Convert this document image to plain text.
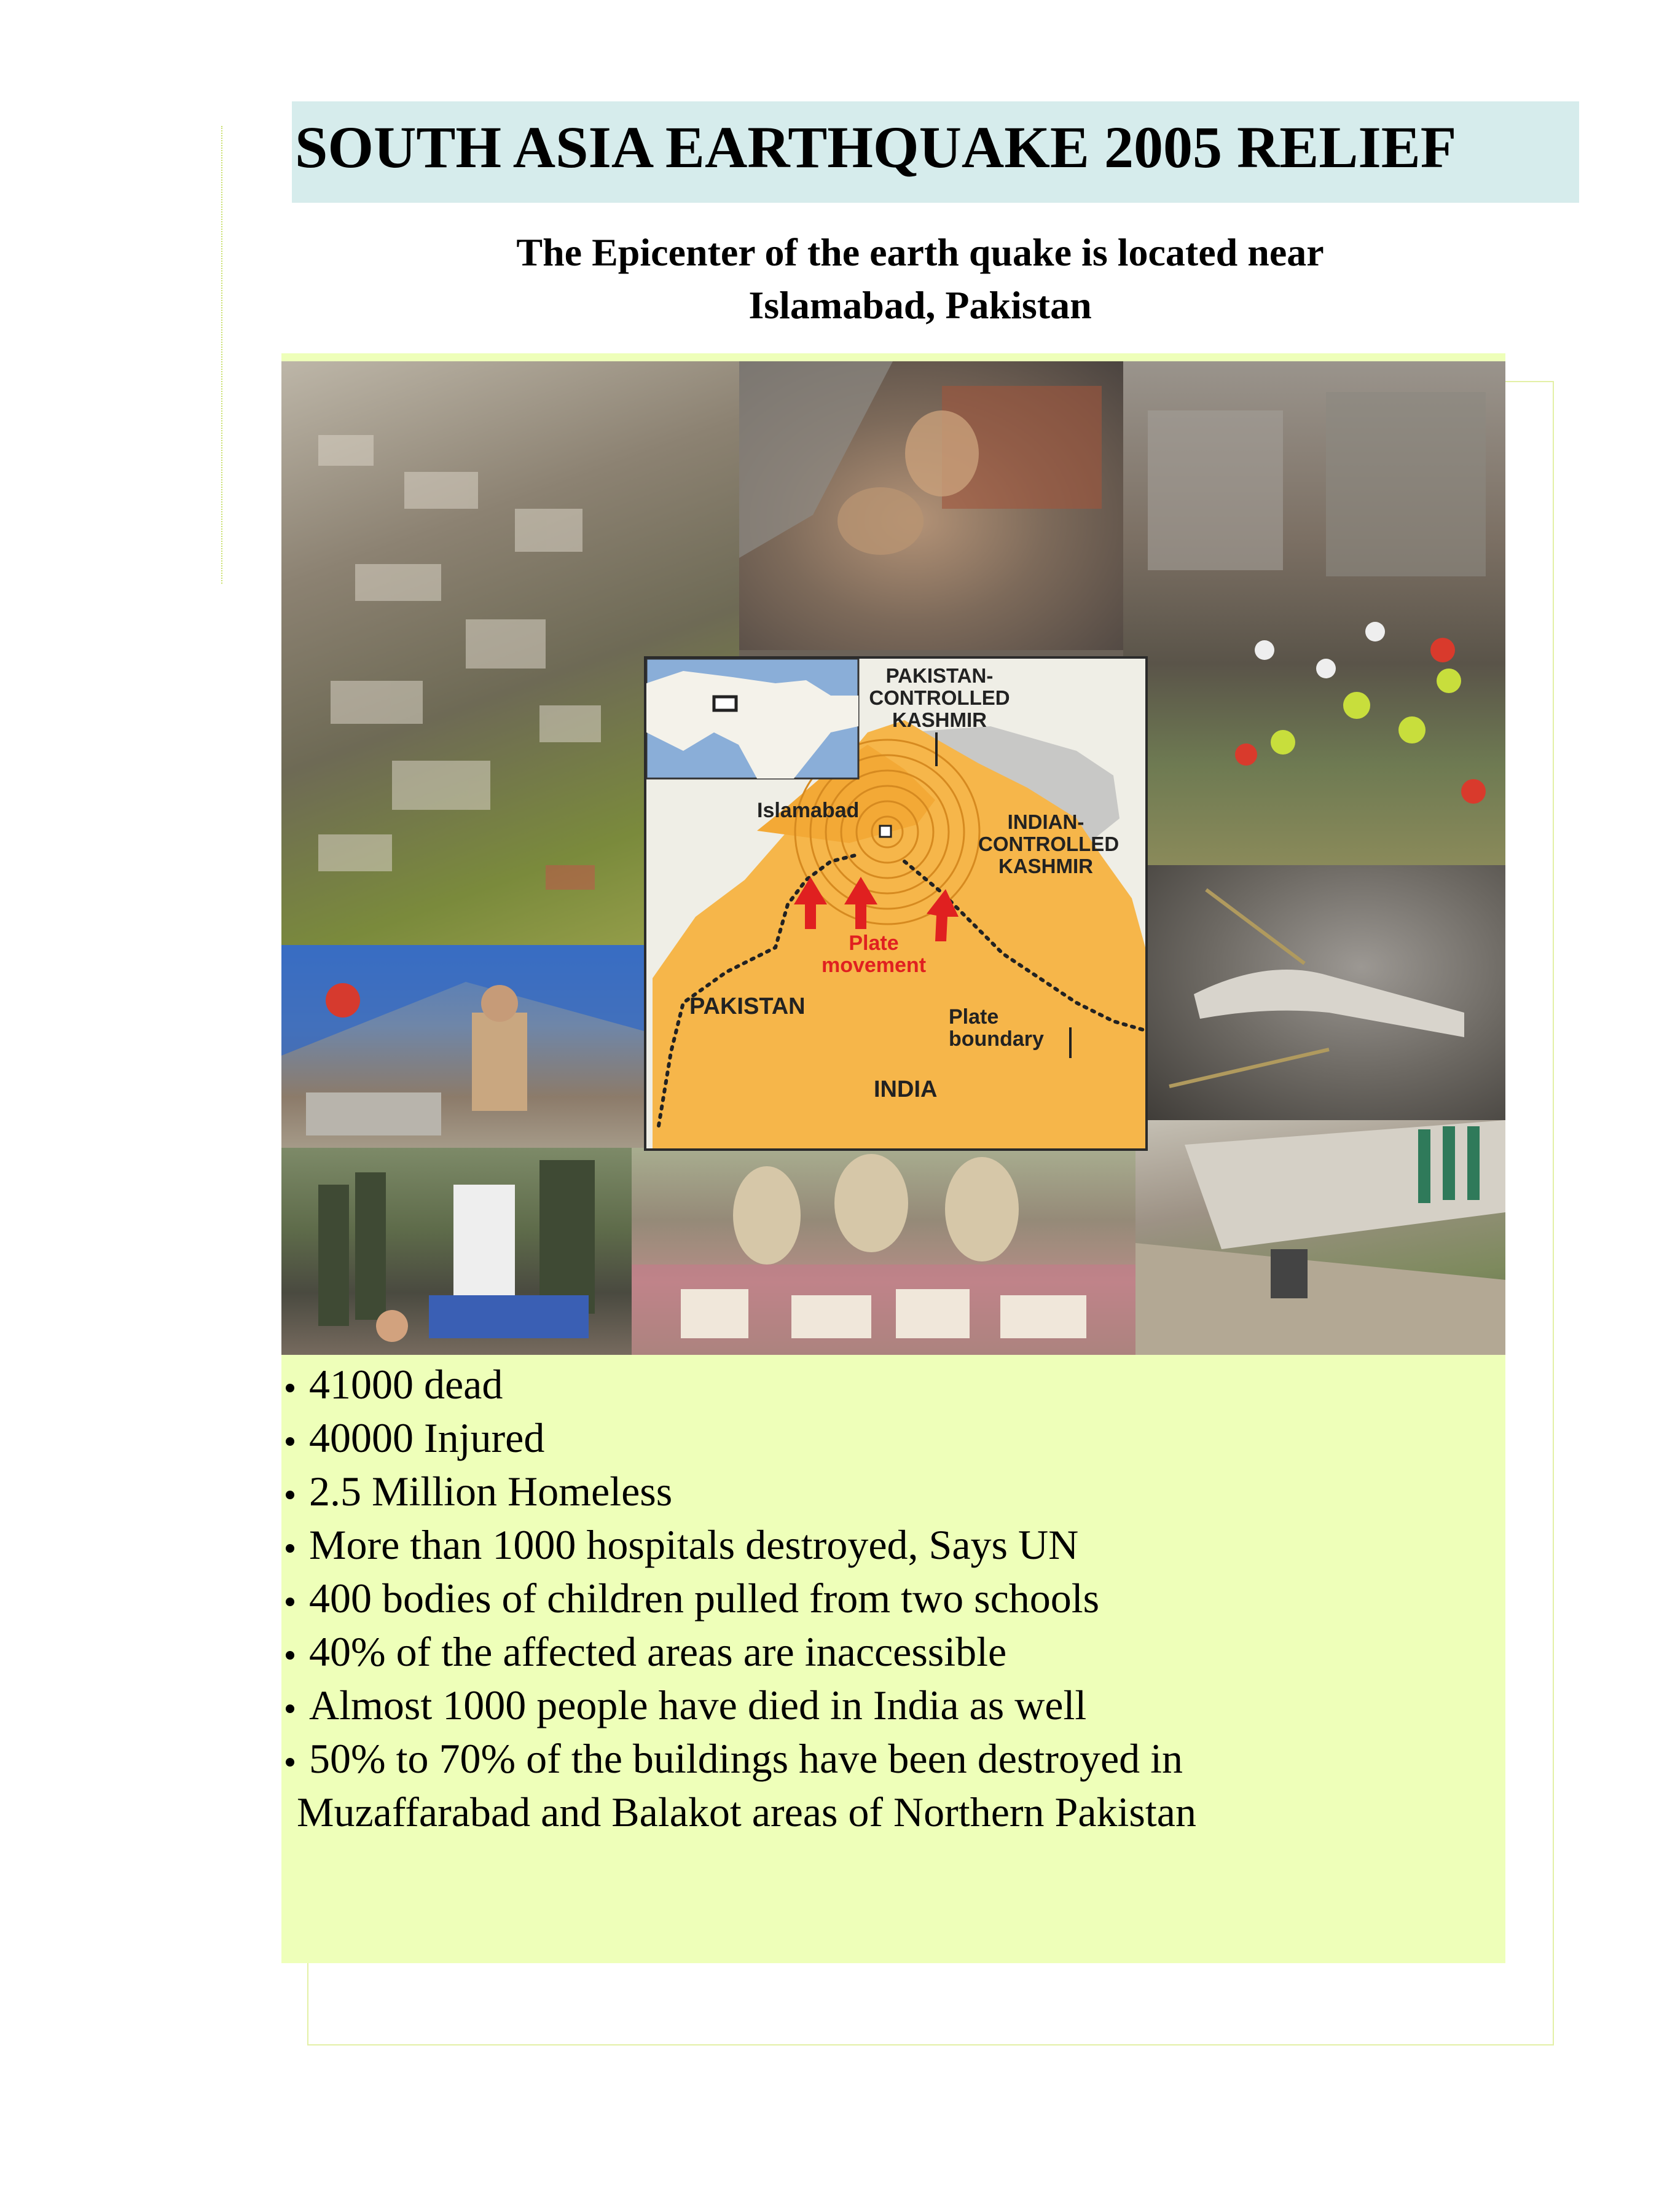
SOUTH ASIA EARTHQUAKE 2005 RELIEF

The Epicenter of the earth quake is located near
Islamabad, Pakistan

PAKISTAN-
CONTROLLED
KASHMIR

Islamabad	INDIAN-
CONTROLLED
KASHMIR

Plate
movement

PAKISTAN	Plate
boundary

INDIA

41000 dead
40000 Injured
2.5 Million Homeless
More than 1000 hospitals destroyed, Says UN
400 bodies of children pulled from two schools
40% of the affected areas are inaccessible
Almost 1000 people have died in India as well
50% to 70% of the buildings have been destroyed in
Muzaffarabad and Balakot areas of Northern Pakistan
